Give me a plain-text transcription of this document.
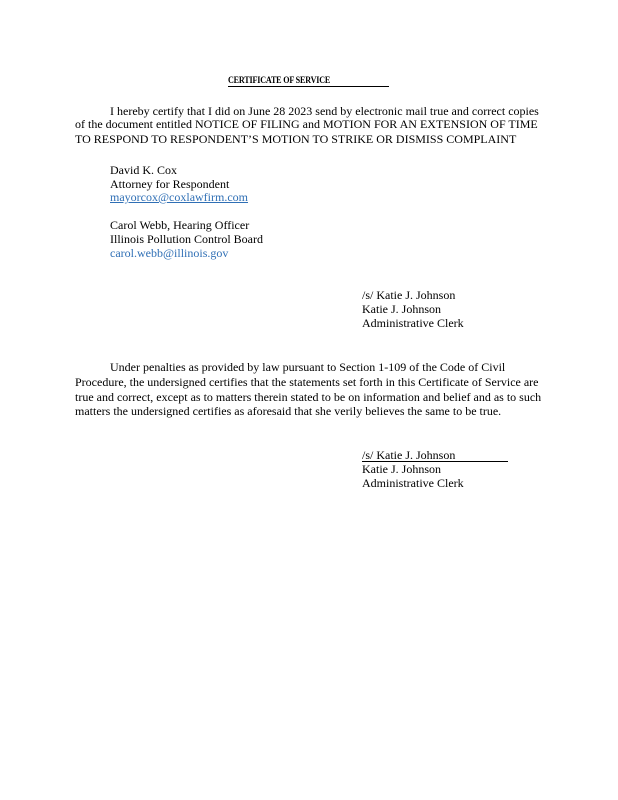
CERTIFICATE OF SERVICE
I hereby certify that I did on June 28 2023 send by electronic mail true and correct copies
of the document entitled NOTICE OF FILING and MOTION FOR AN EXTENSION OF TIME
TO RESPOND TO RESPONDENT’S MOTION TO STRIKE OR DISMISS COMPLAINT
David K. Cox
Attorney for Respondent
mayorcox@coxlawfirm.com
Carol Webb, Hearing Officer
Illinois Pollution Control Board
carol.webb@illinois.gov
/s/ Katie J. Johnson
Katie J. Johnson
Administrative Clerk
Under penalties as provided by law pursuant to Section 1-109 of the Code of Civil
Procedure, the undersigned certifies that the statements set forth in this Certificate of Service are
true and correct, except as to matters therein stated to be on information and belief and as to such
matters the undersigned certifies as aforesaid that she verily believes the same to be true.
/s/ Katie J. Johnson
Katie J. Johnson
Administrative Clerk
